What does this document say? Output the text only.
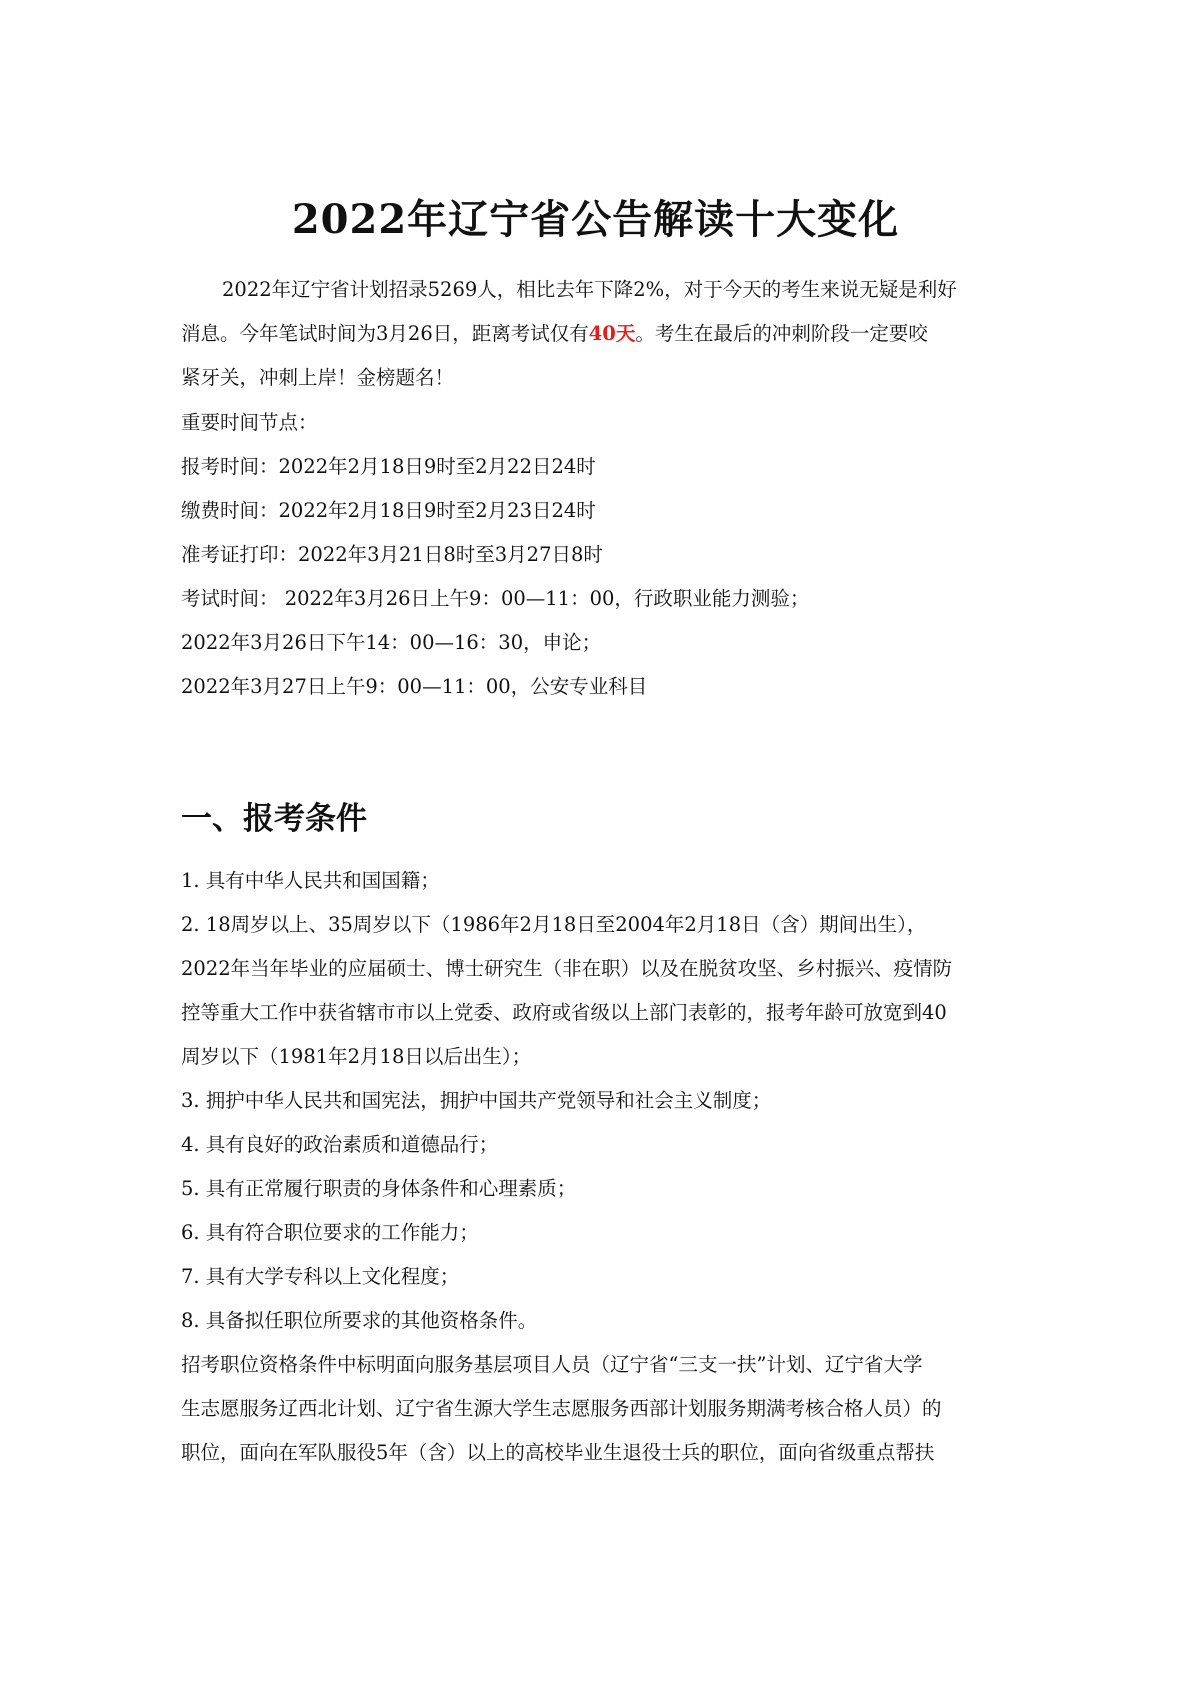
2022年辽宁省公告解读十大变化
2022年辽宁省计划招录5269人，相比去年下降2%，对于今天的考生来说无疑是利好
消息。今年笔试时间为3月26日，距离考试仅有40天。考生在最后的冲刺阶段一定要咬
紧牙关，冲刺上岸！金榜题名！
重要时间节点：
报考时间：2022年2月18日9时至2月22日24时
缴费时间：2022年2月18日9时至2月23日24时
准考证打印：2022年3月21日8时至3月27日8时
考试时间： 2022年3月26日上午9：00—11：00，行政职业能力测验；
2022年3月26日下午14：00—16：30，申论；
2022年3月27日上午9：00—11：00，公安专业科目
一、报考条件
1. 具有中华人民共和国国籍；
2. 18周岁以上、35周岁以下（1986年2月18日至2004年2月18日（含）期间出生），
2022年当年毕业的应届硕士、博士研究生（非在职）以及在脱贫攻坚、乡村振兴、疫情防
控等重大工作中获省辖市市以上党委、政府或省级以上部门表彰的，报考年龄可放宽到40
周岁以下（1981年2月18日以后出生）；
3. 拥护中华人民共和国宪法，拥护中国共产党领导和社会主义制度；
4. 具有良好的政治素质和道德品行；
5. 具有正常履行职责的身体条件和心理素质；
6. 具有符合职位要求的工作能力；
7. 具有大学专科以上文化程度；
8. 具备拟任职位所要求的其他资格条件。
招考职位资格条件中标明面向服务基层项目人员（辽宁省“三支一扶”计划、辽宁省大学
生志愿服务辽西北计划、辽宁省生源大学生志愿服务西部计划服务期满考核合格人员）的
职位，面向在军队服役5年（含）以上的高校毕业生退役士兵的职位，面向省级重点帮扶
